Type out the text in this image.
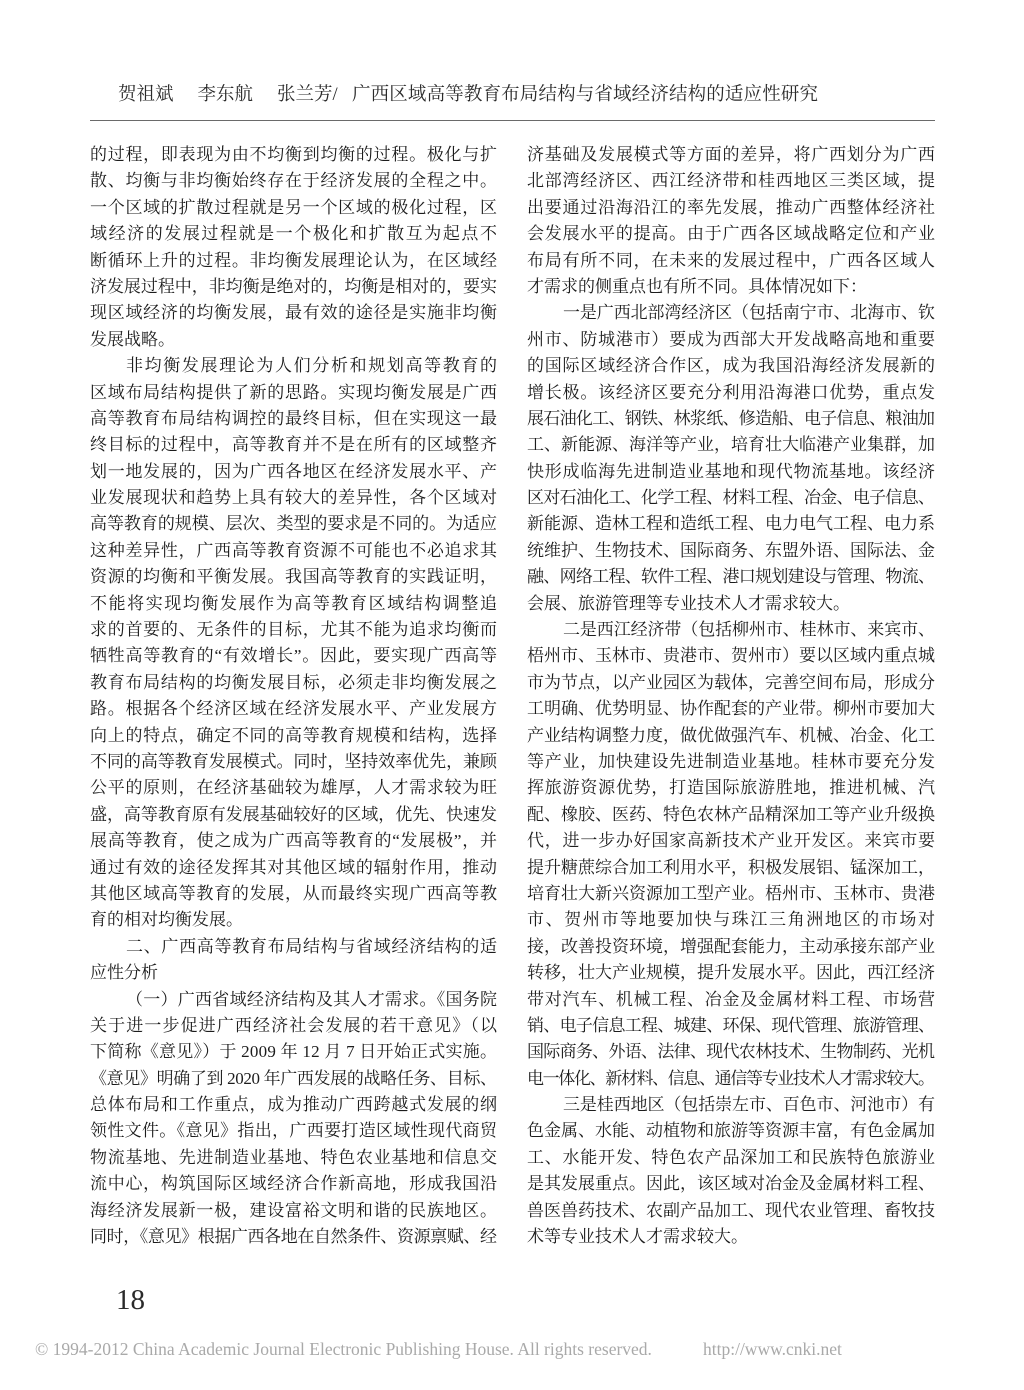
贺祖斌 李东航 张兰芳/ 广西区域高等教育布局结构与省域经济结构的适应性研究
的过程，即表现为由不均衡到均衡的过程。极化与扩
散、均衡与非均衡始终存在于经济发展的全程之中。
一个区域的扩散过程就是另一个区域的极化过程，区
域经济的发展过程就是一个极化和扩散互为起点不
断循环上升的过程。非均衡发展理论认为，在区域经
济发展过程中，非均衡是绝对的，均衡是相对的，要实
现区域经济的均衡发展，最有效的途径是实施非均衡
发展战略。
非均衡发展理论为人们分析和规划高等教育的
区域布局结构提供了新的思路。实现均衡发展是广西
高等教育布局结构调控的最终目标，但在实现这一最
终目标的过程中，高等教育并不是在所有的区域整齐
划一地发展的，因为广西各地区在经济发展水平、产
业发展现状和趋势上具有较大的差异性，各个区域对
高等教育的规模、层次、类型的要求是不同的。为适应
这种差异性，广西高等教育资源不可能也不必追求其
资源的均衡和平衡发展。我国高等教育的实践证明，
不能将实现均衡发展作为高等教育区域结构调整追
求的首要的、无条件的目标，尤其不能为追求均衡而
牺牲高等教育的“有效增长”。因此，要实现广西高等
教育布局结构的均衡发展目标，必须走非均衡发展之
路。根据各个经济区域在经济发展水平、产业发展方
向上的特点，确定不同的高等教育规模和结构，选择
不同的高等教育发展模式。同时，坚持效率优先，兼顾
公平的原则，在经济基础较为雄厚，人才需求较为旺
盛，高等教育原有发展基础较好的区域，优先、快速发
展高等教育，使之成为广西高等教育的“发展极”，并
通过有效的途径发挥其对其他区域的辐射作用，推动
其他区域高等教育的发展，从而最终实现广西高等教
育的相对均衡发展。
二、广西高等教育布局结构与省域经济结构的适
应性分析
（一）广西省域经济结构及其人才需求。《国务院
关于进一步促进广西经济社会发展的若干意见》（以
下简称《意见》）于 2009 年 12 月 7 日开始正式实施。
《意见》明确了到 2020 年广西发展的战略任务、目标、
总体布局和工作重点，成为推动广西跨越式发展的纲
领性文件。《意见》指出，广西要打造区域性现代商贸
物流基地、先进制造业基地、特色农业基地和信息交
流中心，构筑国际区域经济合作新高地，形成我国沿
海经济发展新一极，建设富裕文明和谐的民族地区。
同时，《意见》根据广西各地在自然条件、资源禀赋、经
济基础及发展模式等方面的差异，将广西划分为广西
北部湾经济区、西江经济带和桂西地区三类区域，提
出要通过沿海沿江的率先发展，推动广西整体经济社
会发展水平的提高。由于广西各区域战略定位和产业
布局有所不同，在未来的发展过程中，广西各区域人
才需求的侧重点也有所不同。具体情况如下：
一是广西北部湾经济区（包括南宁市、北海市、钦
州市、防城港市）要成为西部大开发战略高地和重要
的国际区域经济合作区，成为我国沿海经济发展新的
增长极。该经济区要充分利用沿海港口优势，重点发
展石油化工、钢铁、林浆纸、修造船、电子信息、粮油加
工、新能源、海洋等产业，培育壮大临港产业集群，加
快形成临海先进制造业基地和现代物流基地。该经济
区对石油化工、化学工程、材料工程、冶金、电子信息、
新能源、造林工程和造纸工程、电力电气工程、电力系
统维护、生物技术、国际商务、东盟外语、国际法、金
融、网络工程、软件工程、港口规划建设与管理、物流、
会展、旅游管理等专业技术人才需求较大。
二是西江经济带（包括柳州市、桂林市、来宾市、
梧州市、玉林市、贵港市、贺州市）要以区域内重点城
市为节点，以产业园区为载体，完善空间布局，形成分
工明确、优势明显、协作配套的产业带。柳州市要加大
产业结构调整力度，做优做强汽车、机械、冶金、化工
等产业，加快建设先进制造业基地。桂林市要充分发
挥旅游资源优势，打造国际旅游胜地，推进机械、汽
配、橡胶、医药、特色农林产品精深加工等产业升级换
代，进一步办好国家高新技术产业开发区。来宾市要
提升糖蔗综合加工利用水平，积极发展铝、锰深加工，
培育壮大新兴资源加工型产业。梧州市、玉林市、贵港
市、贺州市等地要加快与珠江三角洲地区的市场对
接，改善投资环境，增强配套能力，主动承接东部产业
转移，壮大产业规模，提升发展水平。因此，西江经济
带对汽车、机械工程、冶金及金属材料工程、市场营
销、电子信息工程、城建、环保、现代管理、旅游管理、
国际商务、外语、法律、现代农林技术、生物制药、光机
电一体化、新材料、信息、通信等专业技术人才需求较大。
三是桂西地区（包括崇左市、百色市、河池市）有
色金属、水能、动植物和旅游等资源丰富，有色金属加
工、水能开发、特色农产品深加工和民族特色旅游业
是其发展重点。因此，该区域对冶金及金属材料工程、
兽医兽药技术、农副产品加工、现代农业管理、畜牧技
术等专业技术人才需求较大。
18
© 1994-2012 China Academic Journal Electronic Publishing House. All rights reserved.	http://www.cnki.net
